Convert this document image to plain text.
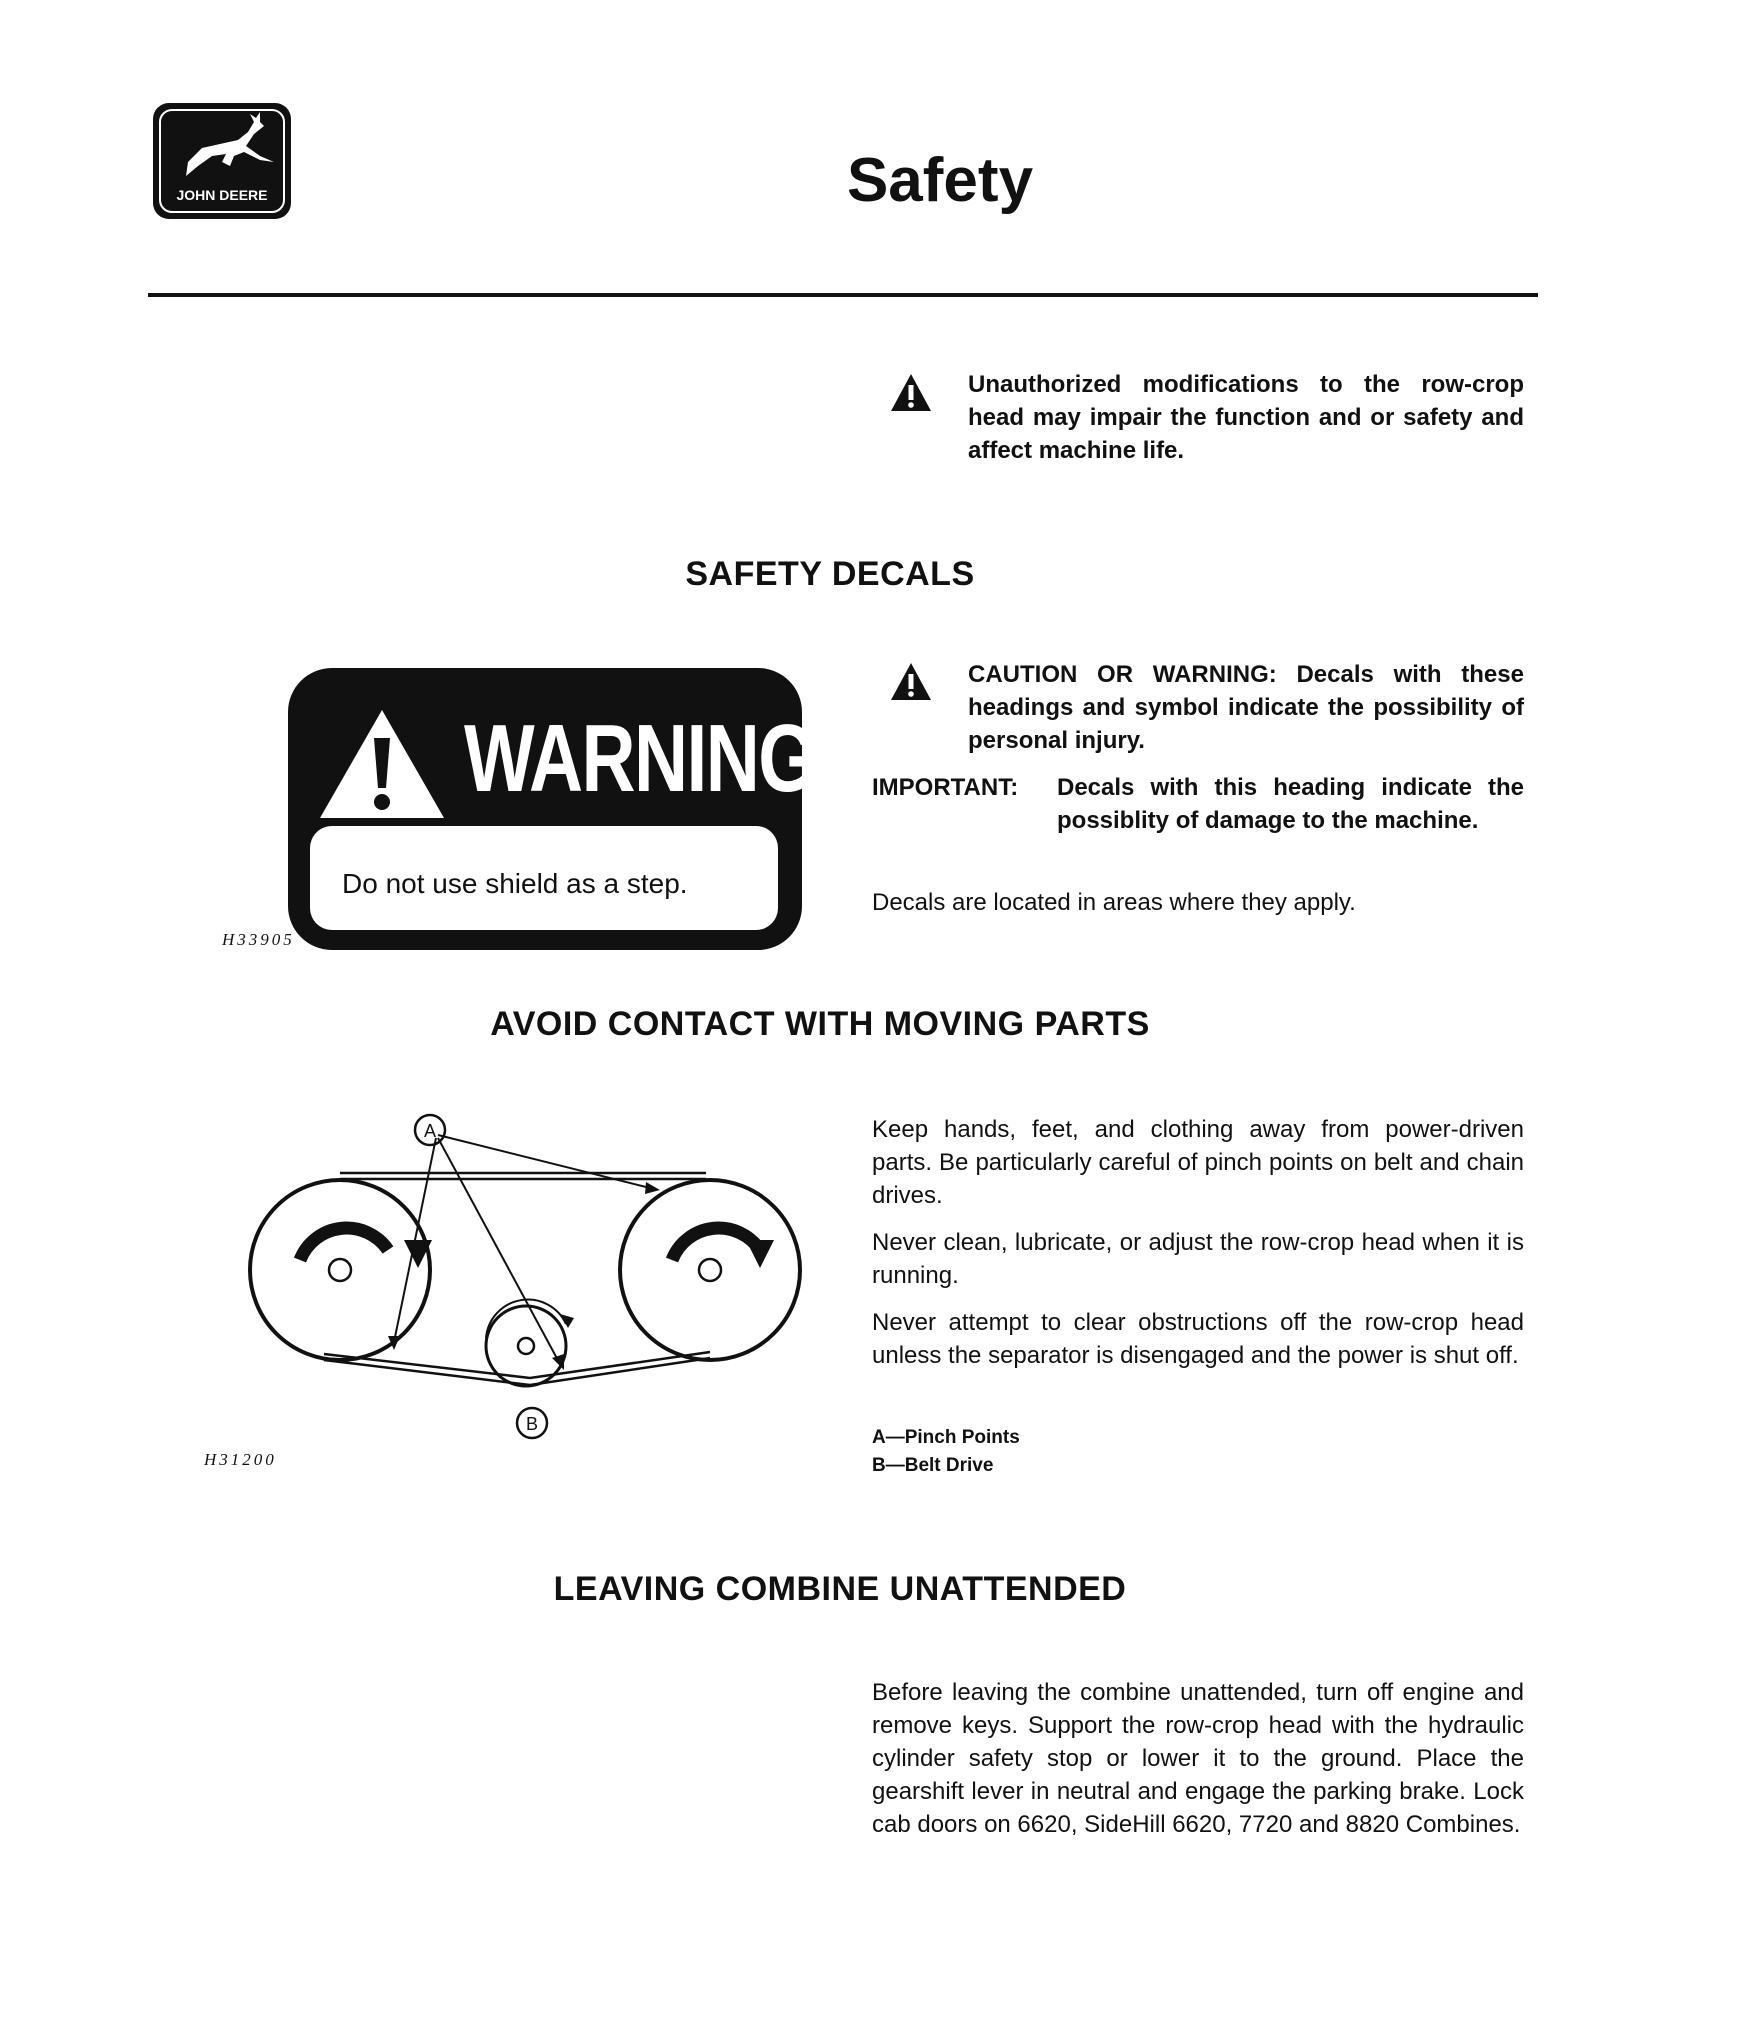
JOHN DEERE	Safety

Unauthorized modifications to the row-crop head may impair the function and or safety and affect machine life.

SAFETY DECALS
WARNING
Do not use shield as a step.
H33905

CAUTION OR WARNING: Decals with these headings and symbol indicate the possibility of personal injury.

IMPORTANT:	Decals with this heading indicate the possiblity of damage to the machine.

Decals are located in areas where they apply.

AVOID CONTACT WITH MOVING PARTS
A
B
H31200

Keep hands, feet, and clothing away from power-driven parts. Be particularly careful of pinch points on belt and chain drives.

Never clean, lubricate, or adjust the row-crop head when it is running.

Never attempt to clear obstructions off the row-crop head unless the separator is disengaged and the power is shut off.

A—Pinch Points
B—Belt Drive
LEAVING COMBINE UNATTENDED

Before leaving the combine unattended, turn off engine and remove keys. Support the row-crop head with the hydraulic cylinder safety stop or lower it to the ground. Place the gearshift lever in neutral and engage the parking brake. Lock cab doors on 6620, SideHill 6620, 7720 and 8820 Combines.
